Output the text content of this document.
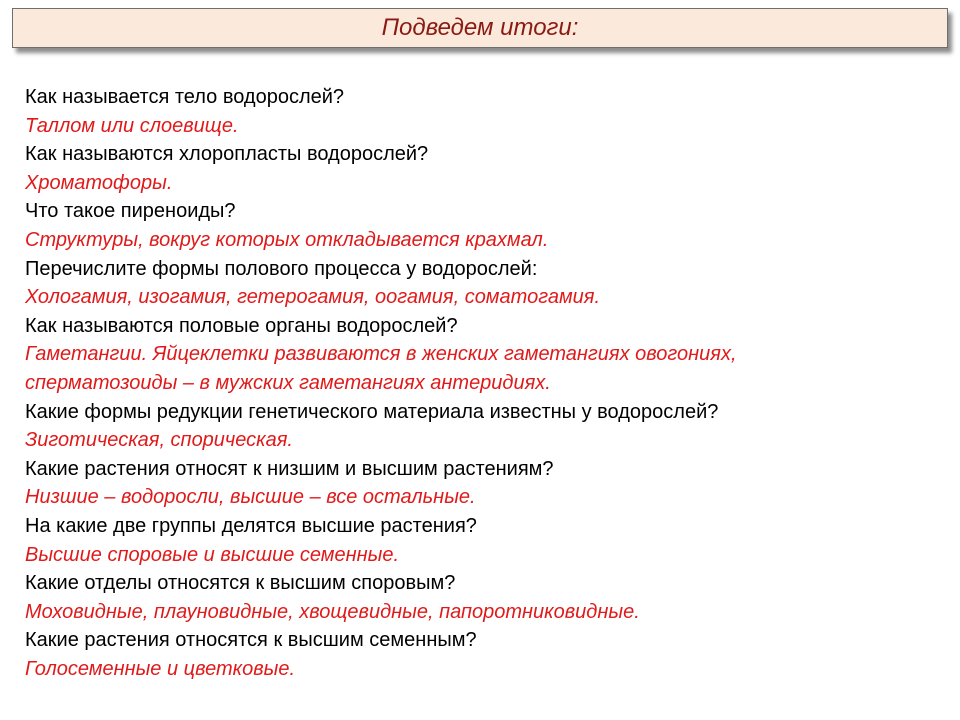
Подведем итоги:
Как называется тело водорослей?
Таллом или слоевище.
Как называются хлоропласты водорослей?
Хроматофоры.
Что такое пиреноиды?
Структуры, вокруг которых откладывается крахмал.
Перечислите формы полового процесса у водорослей:
Хологамия, изогамия, гетерогамия, оогамия, соматогамия.
Как называются половые органы водорослей?
Гаметангии. Яйцеклетки развиваются в женских гаметангиях овогониях,
сперматозоиды – в мужских гаметангиях антеридиях.
Какие формы редукции генетического материала известны у водорослей?
Зиготическая, спорическая.
Какие растения относят к низшим и высшим растениям?
Низшие – водоросли, высшие – все остальные.
На какие две группы делятся высшие растения?
Высшие споровые и высшие семенные.
Какие отделы относятся к высшим споровым?
Моховидные, плауновидные, хвощевидные, папоротниковидные.
Какие растения относятся к высшим семенным?
Голосеменные и цветковые.
